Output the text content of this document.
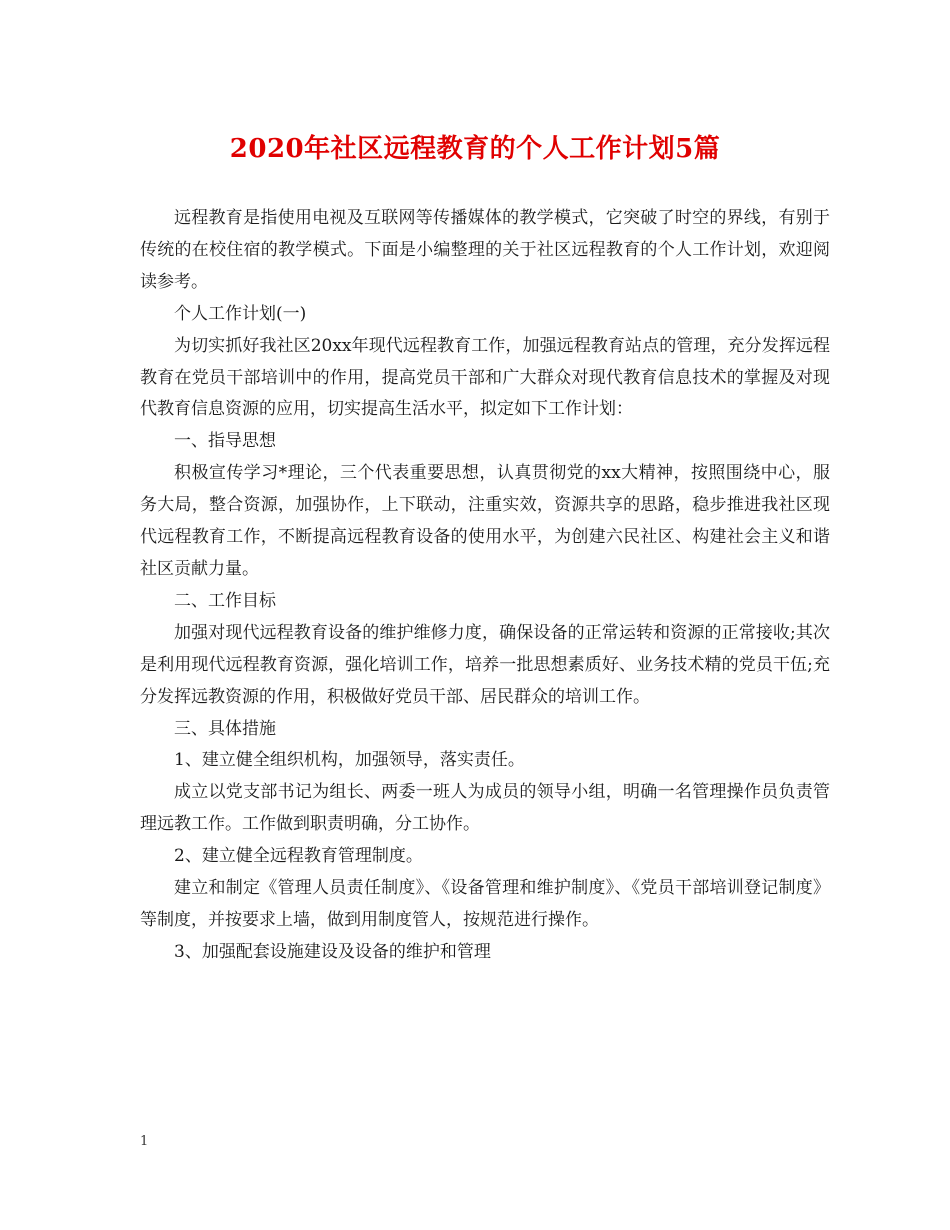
2020年社区远程教育的个人工作计划5篇

远程教育是指使用电视及互联网等传播媒体的教学模式，它突破了时空的界线，有别于传统的在校住宿的教学模式。下面是小编整理的关于社区远程教育的个人工作计划，欢迎阅读参考。

个人工作计划(一)

为切实抓好我社区20xx年现代远程教育工作，加强远程教育站点的管理，充分发挥远程教育在党员干部培训中的作用，提高党员干部和广大群众对现代教育信息技术的掌握及对现代教育信息资源的应用，切实提高生活水平，拟定如下工作计划：

一、指导思想

积极宣传学习*理论，三个代表重要思想，认真贯彻党的xx大精神，按照围绕中心，服务大局，整合资源，加强协作，上下联动，注重实效，资源共享的思路，稳步推进我社区现代远程教育工作，不断提高远程教育设备的使用水平，为创建六民社区、构建社会主义和谐社区贡献力量。

二、工作目标

加强对现代远程教育设备的维护维修力度，确保设备的正常运转和资源的正常接收;其次是利用现代远程教育资源，强化培训工作，培养一批思想素质好、业务技术精的党员干伍;充分发挥远教资源的作用，积极做好党员干部、居民群众的培训工作。

三、具体措施

1、建立健全组织机构，加强领导，落实责任。

成立以党支部书记为组长、两委一班人为成员的领导小组，明确一名管理操作员负责管理远教工作。工作做到职责明确，分工协作。

2、建立健全远程教育管理制度。

建立和制定《管理人员责任制度》、《设备管理和维护制度》、《党员干部培训登记制度》等制度，并按要求上墙，做到用制度管人，按规范进行操作。

3、加强配套设施建设及设备的维护和管理

1
